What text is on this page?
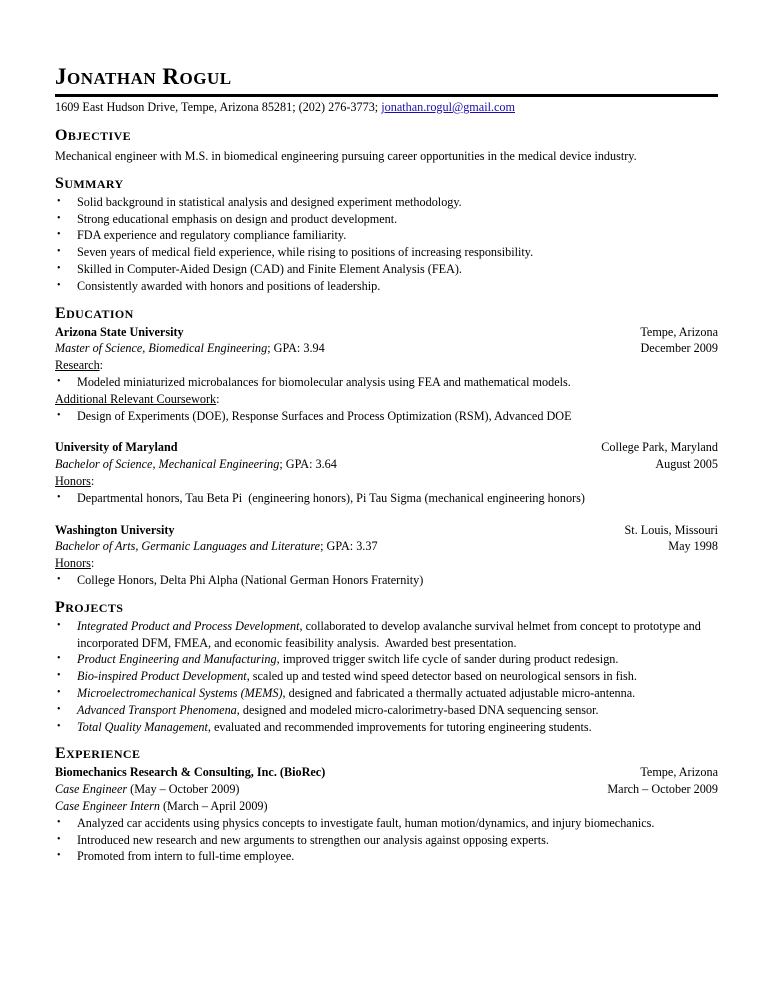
JONATHAN ROGUL
1609 East Hudson Drive, Tempe, Arizona 85281; (202) 276-3773; jonathan.rogul@gmail.com
OBJECTIVE
Mechanical engineer with M.S. in biomedical engineering pursuing career opportunities in the medical device industry.
SUMMARY
• Solid background in statistical analysis and designed experiment methodology.
• Strong educational emphasis on design and product development.
• FDA experience and regulatory compliance familiarity.
• Seven years of medical field experience, while rising to positions of increasing responsibility.
• Skilled in Computer-Aided Design (CAD) and Finite Element Analysis (FEA).
• Consistently awarded with honors and positions of leadership.
EDUCATION
Arizona State University	Tempe, Arizona
Master of Science, Biomedical Engineering; GPA: 3.94	December 2009
Research:
• Modeled miniaturized microbalances for biomolecular analysis using FEA and mathematical models.
Additional Relevant Coursework:
• Design of Experiments (DOE), Response Surfaces and Process Optimization (RSM), Advanced DOE
University of Maryland	College Park, Maryland
Bachelor of Science, Mechanical Engineering; GPA: 3.64	August 2005
Honors:
• Departmental honors, Tau Beta Pi  (engineering honors), Pi Tau Sigma (mechanical engineering honors)
Washington University	St. Louis, Missouri
Bachelor of Arts, Germanic Languages and Literature; GPA: 3.37	May 1998
Honors:
• College Honors, Delta Phi Alpha (National German Honors Fraternity)
PROJECTS
• Integrated Product and Process Development, collaborated to develop avalanche survival helmet from concept to prototype and incorporated DFM, FMEA, and economic feasibility analysis.  Awarded best presentation.
• Product Engineering and Manufacturing, improved trigger switch life cycle of sander during product redesign.
• Bio-inspired Product Development, scaled up and tested wind speed detector based on neurological sensors in fish.
• Microelectromechanical Systems (MEMS), designed and fabricated a thermally actuated adjustable micro-antenna.
• Advanced Transport Phenomena, designed and modeled micro-calorimetry-based DNA sequencing sensor.
• Total Quality Management, evaluated and recommended improvements for tutoring engineering students.
EXPERIENCE
Biomechanics Research & Consulting, Inc. (BioRec)	Tempe, Arizona
Case Engineer (May – October 2009)	March – October 2009
Case Engineer Intern (March – April 2009)
• Analyzed car accidents using physics concepts to investigate fault, human motion/dynamics, and injury biomechanics.
• Introduced new research and new arguments to strengthen our analysis against opposing experts.
• Promoted from intern to full-time employee.
